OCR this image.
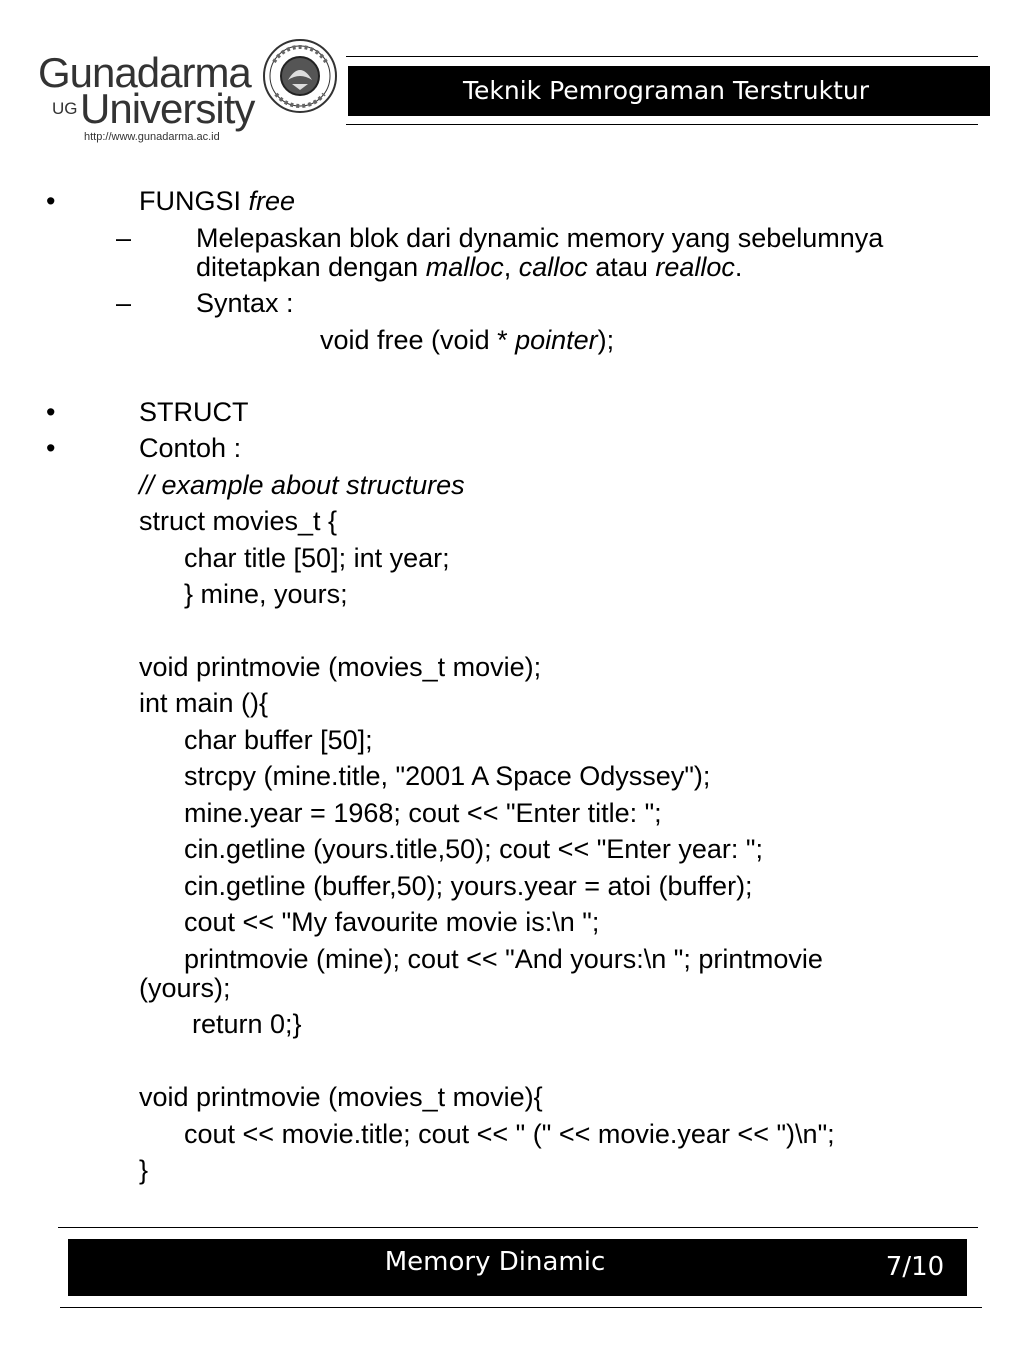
Gunadarma
UG University
http://www.gunadarma.ac.id
Teknik Pemrograman Terstruktur
•	FUNGSI free
– Melepaskan blok dari dynamic memory yang sebelumnya
ditetapkan dengan malloc, calloc atau realloc.
– Syntax :
void free (void * pointer);
•	STRUCT
•	Contoh :
// example about structures
struct movies_t {
char title [50]; int year;
} mine, yours;
void printmovie (movies_t movie);
int main (){
char buffer [50];
strcpy (mine.title, "2001 A Space Odyssey");
mine.year = 1968; cout << "Enter title: ";
cin.getline (yours.title,50); cout << "Enter year: ";
cin.getline (buffer,50); yours.year = atoi (buffer);
cout << "My favourite movie is:\n ";
printmovie (mine); cout << "And yours:\n "; printmovie
(yours);
return 0;}
void printmovie (movies_t movie){
cout << movie.title; cout << " (" << movie.year << ")\n";
}
Memory Dinamic	7/10
